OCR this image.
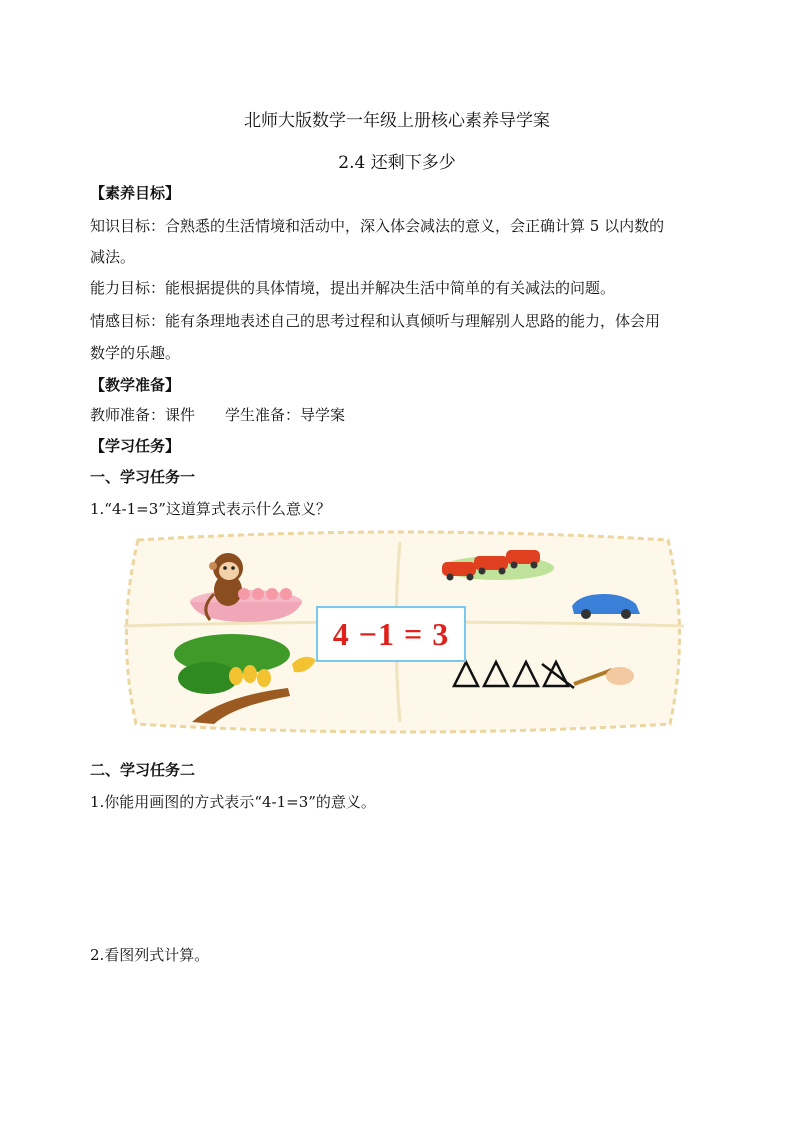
北师大版数学一年级上册核心素养导学案
2.4 还剩下多少
【素养目标】
知识目标：合熟悉的生活情境和活动中，深入体会减法的意义，会正确计算 5 以内数的
减法。
能力目标：能根据提供的具体情境，提出并解决生活中简单的有关减法的问题。
情感目标：能有条理地表述自己的思考过程和认真倾听与理解别人思路的能力，体会用
数学的乐趣。
【教学准备】
教师准备：课件　　学生准备：导学案
【学习任务】
一、学习任务一
1.“4-1=3”这道算式表示什么意义？
4 −1 = 3
二、学习任务二
1.你能用画图的方式表示“4-1=3”的意义。
2.看图列式计算。
